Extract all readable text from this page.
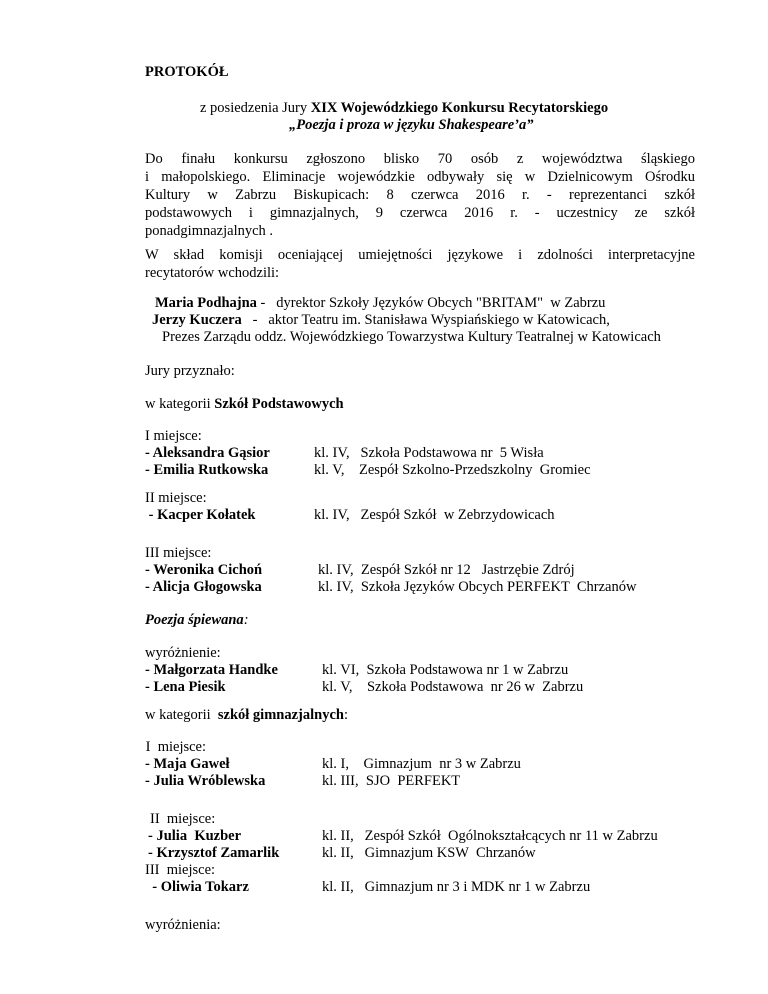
PROTOKÓŁ
z posiedzenia Jury XIX Wojewódzkiego Konkursu Recytatorskiego
„Poezja i proza w języku Shakespeare’a”
Do finału konkursu zgłoszono blisko 70 osób z województwa śląskiego
i małopolskiego. Eliminacje wojewódzkie odbywały się w Dzielnicowym Ośrodku
Kultury w Zabrzu Biskupicach: 8 czerwca 2016 r. - reprezentanci szkół
podstawowych i gimnazjalnych, 9 czerwca 2016 r. - uczestnicy ze szkół
ponadgimnazjalnych .
W skład komisji oceniającej umiejętności językowe i zdolności interpretacyjne
recytatorów wchodzili:
Maria Podhajna -   dyrektor Szkoły Języków Obcych "BRITAM"  w Zabrzu
Jerzy Kuczera   -   aktor Teatru im. Stanisława Wyspiańskiego w Katowicach,
Prezes Zarządu oddz. Wojewódzkiego Towarzystwa Kultury Teatralnej w Katowicach
Jury przyznało:
w kategorii Szkół Podstawowych
I miejsce:
- Aleksandra Gąsior	kl. IV,   Szkoła Podstawowa nr  5 Wisła
- Emilia Rutkowska	kl. V,    Zespół Szkolno-Przedszkolny  Gromiec
II miejsce:
- Kacper Kołatek	kl. IV,   Zespół Szkół  w Zebrzydowicach
III miejsce:
- Weronika Cichoń	kl. IV,  Zespół Szkół nr 12   Jastrzębie Zdrój
- Alicja Głogowska	kl. IV,  Szkoła Języków Obcych PERFEKT  Chrzanów
Poezja śpiewana:
wyróżnienie:
- Małgorzata Handke	kl. VI,  Szkoła Podstawowa nr 1 w Zabrzu
- Lena Piesik	kl. V,    Szkoła Podstawowa  nr 26 w  Zabrzu
w kategorii  szkół gimnazjalnych:
I  miejsce:
- Maja Gaweł	kl. I,    Gimnazjum  nr 3 w Zabrzu
- Julia Wróblewska	kl. III,  SJO  PERFEKT
II  miejsce:
- Julia  Kuzber	kl. II,   Zespół Szkół  Ogólnokształcących nr 11 w Zabrzu
- Krzysztof Zamarlik	kl. II,   Gimnazjum KSW  Chrzanów
III  miejsce:
- Oliwia Tokarz	kl. II,   Gimnazjum nr 3 i MDK nr 1 w Zabrzu
wyróżnienia:
